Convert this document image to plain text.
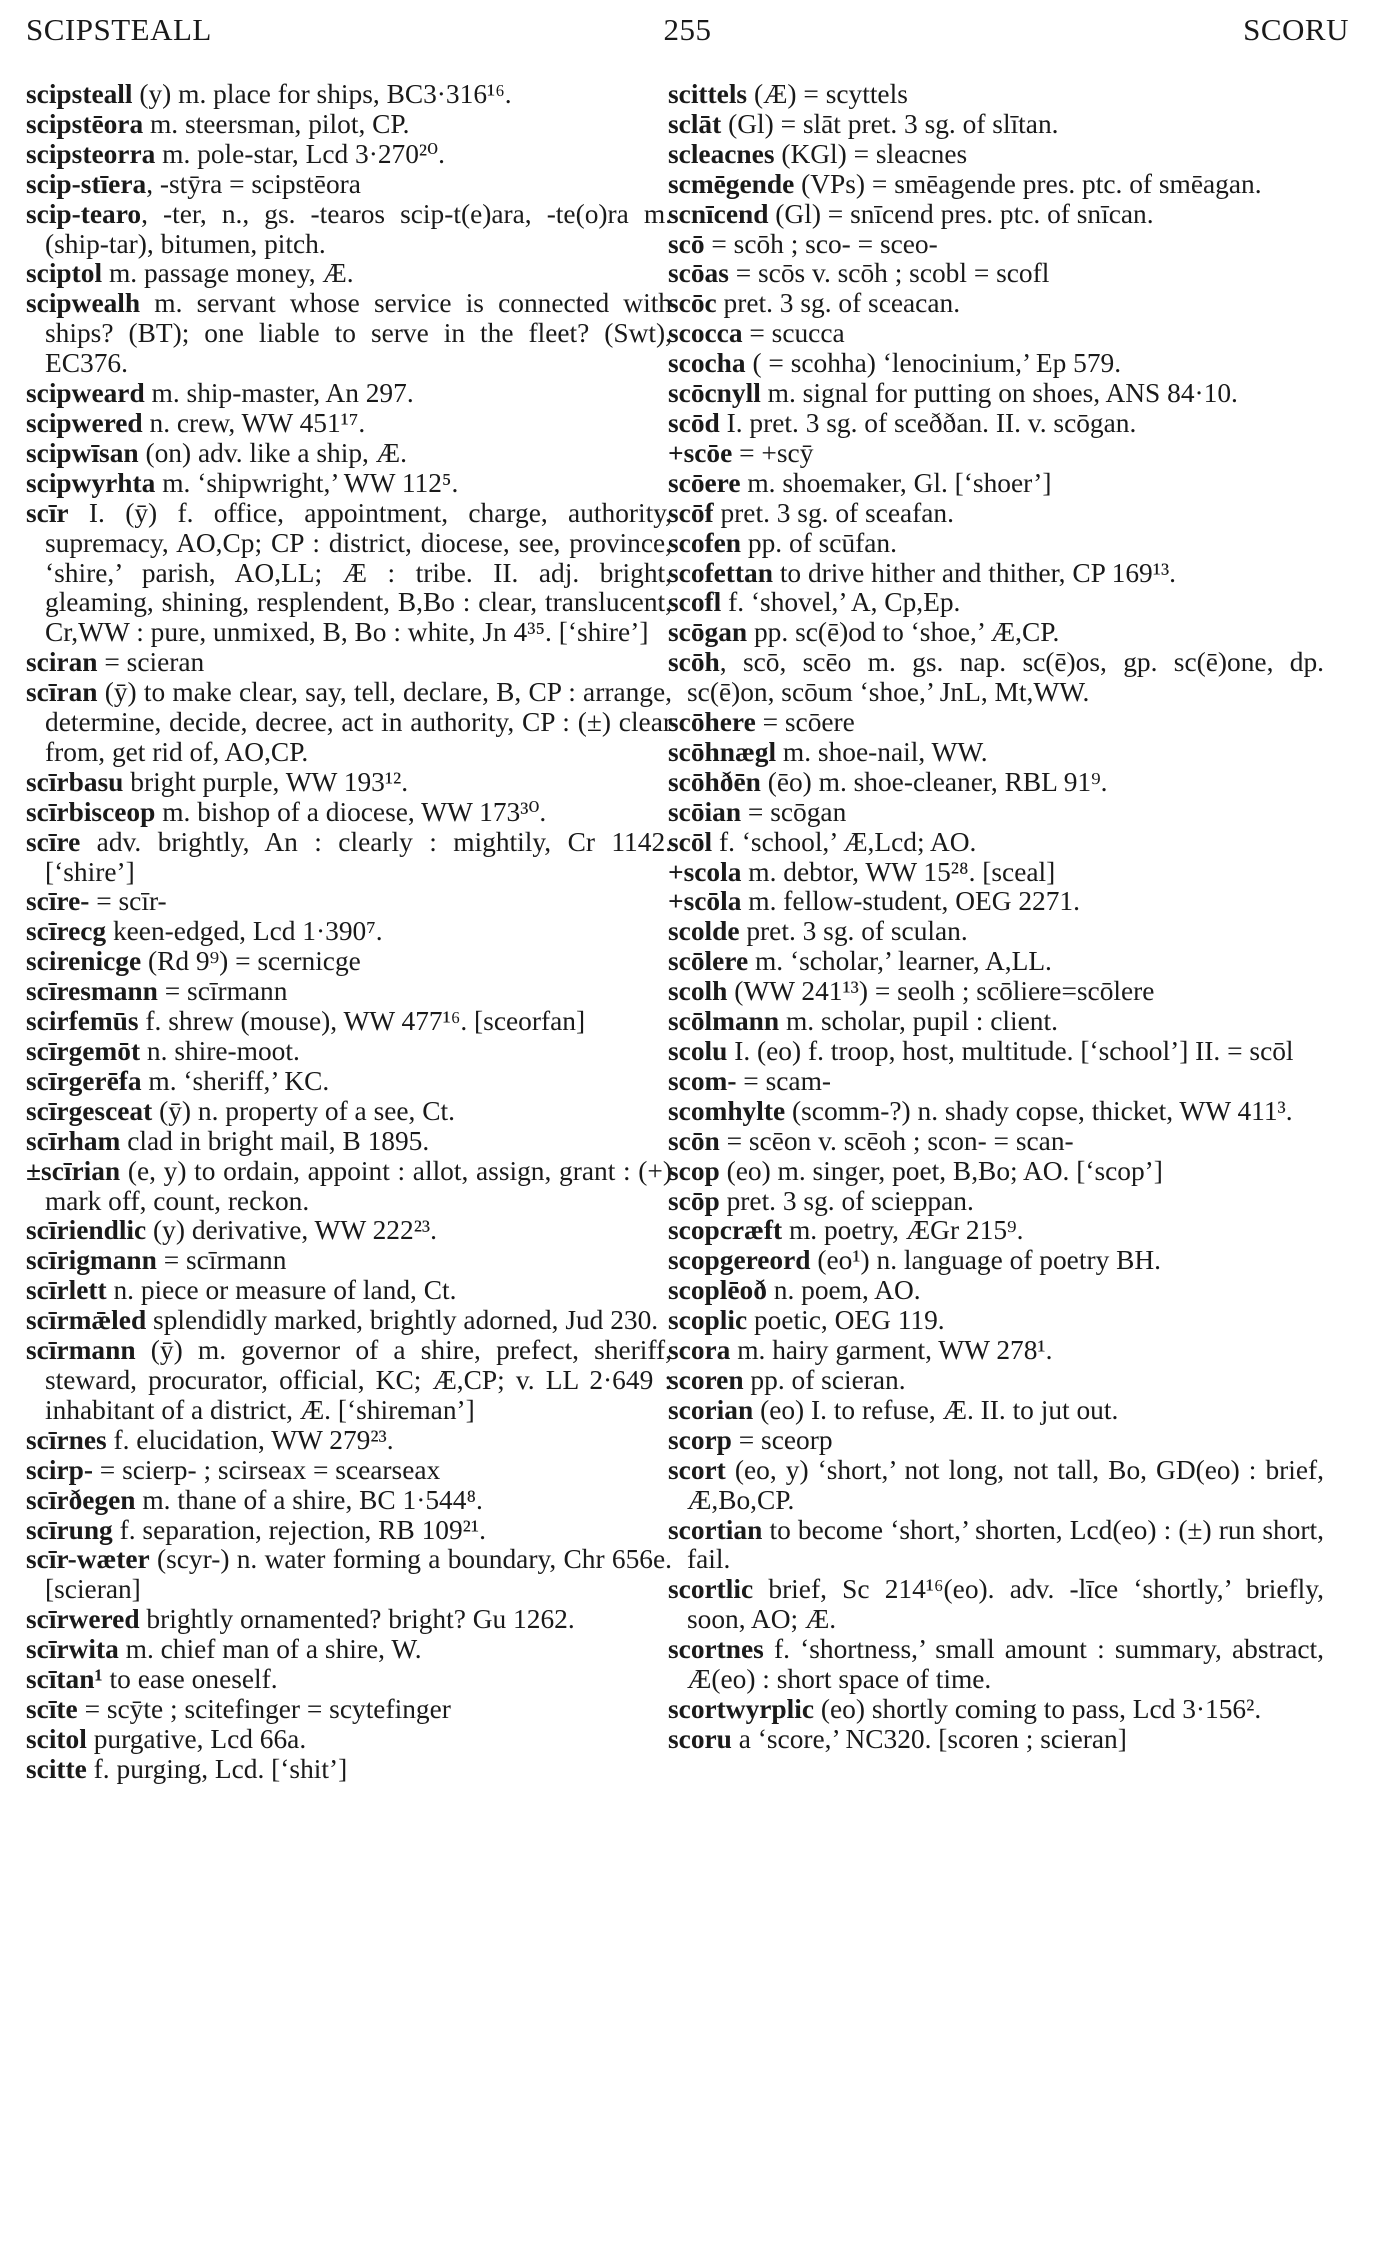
SCIPSTEALL	255	SCORU
scipsteall (y) m. place for ships, BC3·316¹⁶.
scipstēora m. steersman, pilot, CP.
scipsteorra m. pole-star, Lcd 3·270²⁰.
scip-stīera, -stȳra = scipstēora
scip-tearo, -ter, n., gs. -tearos scip-t(e)ara, -te(o)ra m. (ship-tar), bitumen, pitch.
sciptol m. passage money, Æ.
scipwealh m. servant whose service is connected with ships? (BT); one liable to serve in the fleet? (Swt), EC376.
scipweard m. ship-master, An 297.
scipwered n. crew, WW 451¹⁷.
scipwīsan (on) adv. like a ship, Æ.
scipwyrhta m. ‘shipwright,’ WW 112⁵.
scīr I. (ȳ) f. office, appointment, charge, authority, supremacy, AO,Cp; CP : district, diocese, see, province, ‘shire,’ parish, AO,LL; Æ : tribe. II. adj. bright, gleaming, shining, resplendent, B,Bo : clear, translucent, Cr,WW : pure, unmixed, B, Bo : white, Jn 4³⁵. [‘shire’]
sciran = scieran
scīran (ȳ) to make clear, say, tell, declare, B, CP : arrange, determine, decide, decree, act in authority, CP : (±) clear from, get rid of, AO,CP.
scīrbasu bright purple, WW 193¹².
scīrbisceop m. bishop of a diocese, WW 173³⁰.
scīre adv. brightly, An : clearly : mightily, Cr 1142. [‘shire’]
scīre- = scīr-
scīrecg keen-edged, Lcd 1·390⁷.
scirenicge (Rd 9⁹) = scernicge
scīresmann = scīrmann
scirfemūs f. shrew (mouse), WW 477¹⁶. [sceorfan]
scīrgemōt n. shire-moot.
scīrgerēfa m. ‘sheriff,’ KC.
scīrgesceat (ȳ) n. property of a see, Ct.
scīrham clad in bright mail, B 1895.
±scīrian (e, y) to ordain, appoint : allot, assign, grant : (+) mark off, count, reckon.
scīriendlic (y) derivative, WW 222²³.
scīrigmann = scīrmann
scīrlett n. piece or measure of land, Ct.
scīrmǣled splendidly marked, brightly adorned, Jud 230.
scīrmann (ȳ) m. governor of a shire, prefect, sheriff, steward, procurator, official, KC; Æ,CP; v. LL 2·649 : inhabitant of a district, Æ. [‘shireman’]
scīrnes f. elucidation, WW 279²³.
scirp- = scierp- ; scirseax = scearseax
scīrðegen m. thane of a shire, BC 1·544⁸.
scīrung f. separation, rejection, RB 109²¹.
scīr-wæter (scyr-) n. water forming a boundary, Chr 656e. [scieran]
scīrwered brightly ornamented? bright? Gu 1262.
scīrwita m. chief man of a shire, W.
scītan¹ to ease oneself.
scīte = scȳte ; scitefinger = scytefinger
scitol purgative, Lcd 66a.
scitte f. purging, Lcd. [‘shit’]
scittels (Æ) = scyttels
sclāt (Gl) = slāt pret. 3 sg. of slītan.
scleacnes (KGl) = sleacnes
scmēgende (VPs) = smēagende pres. ptc. of smēagan.
scnīcend (Gl) = snīcend pres. ptc. of snīcan.
scō = scōh ; sco- = sceo-
scōas = scōs v. scōh ; scobl = scofl
scōc pret. 3 sg. of sceacan.
scocca = scucca
scocha ( = scohha) ‘lenocinium,’ Ep 579.
scōcnyll m. signal for putting on shoes, ANS 84·10.
scōd I. pret. 3 sg. of sceððan. II. v. scōgan.
+scōe = +scȳ
scōere m. shoemaker, Gl. [‘shoer’]
scōf pret. 3 sg. of sceafan.
scofen pp. of scūfan.
scofettan to drive hither and thither, CP 169¹³.
scofl f. ‘shovel,’ A, Cp,Ep.
scōgan pp. sc(ē)od to ‘shoe,’ Æ,CP.
scōh, scō, scēo m. gs. nap. sc(ē)os, gp. sc(ē)one, dp. sc(ē)on, scōum ‘shoe,’ JnL, Mt,WW.
scōhere = scōere
scōhnægl m. shoe-nail, WW.
scōhðēn (ēo) m. shoe-cleaner, RBL 91⁹.
scōian = scōgan
scōl f. ‘school,’ Æ,Lcd; AO.
+scola m. debtor, WW 15²⁸. [sceal]
+scōla m. fellow-student, OEG 2271.
scolde pret. 3 sg. of sculan.
scōlere m. ‘scholar,’ learner, A,LL.
scolh (WW 241¹³) = seolh ; scōliere=scōlere
scōlmann m. scholar, pupil : client.
scolu I. (eo) f. troop, host, multitude. [‘school’] II. = scōl
scom- = scam-
scomhylte (scomm-?) n. shady copse, thicket, WW 411³.
scōn = scēon v. scēoh ; scon- = scan-
scop (eo) m. singer, poet, B,Bo; AO. [‘scop’]
scōp pret. 3 sg. of scieppan.
scopcræft m. poetry, ÆGr 215⁹.
scopgereord (eo¹) n. language of poetry BH.
scoplēoð n. poem, AO.
scoplic poetic, OEG 119.
scora m. hairy garment, WW 278¹.
scoren pp. of scieran.
scorian (eo) I. to refuse, Æ. II. to jut out.
scorp = sceorp
scort (eo, y) ‘short,’ not long, not tall, Bo, GD(eo) : brief, Æ,Bo,CP.
scortian to become ‘short,’ shorten, Lcd(eo) : (±) run short, fail.
scortlic brief, Sc 214¹⁶(eo). adv. -līce ‘shortly,’ briefly, soon, AO; Æ.
scortnes f. ‘shortness,’ small amount : summary, abstract, Æ(eo) : short space of time.
scortwyrplic (eo) shortly coming to pass, Lcd 3·156².
scoru a ‘score,’ NC320. [scoren ; scieran]
